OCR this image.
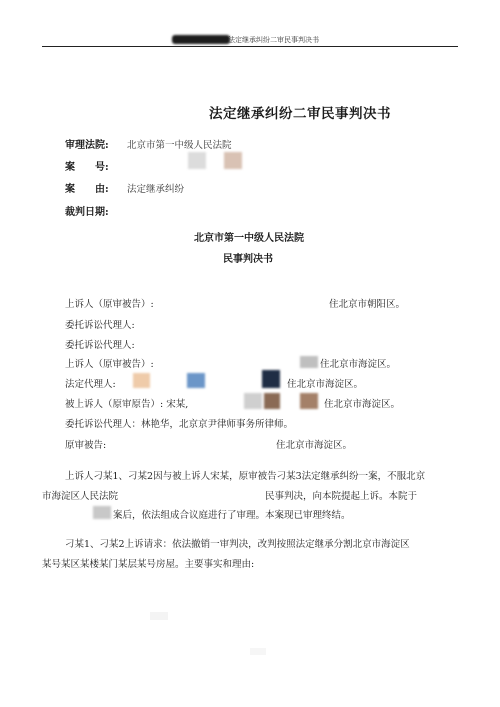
法定继承纠纷二审民事判决书
法定继承纠纷二审民事判决书
审理法院: 北京市第一中级人民法院
案　　号:
案　　由: 法定继承纠纷
裁判日期:
北京市第一中级人民法院
民事判决书
上诉人（原审被告）:	住北京市朝阳区。
委托诉讼代理人:
委托诉讼代理人:
上诉人（原审被告）:	住北京市海淀区。
法定代理人:	住北京市海淀区。
被上诉人（原审原告）: 宋某,	住北京市海淀区。
委托诉讼代理人：林艳华，北京京尹律师事务所律师。
原审被告:	住北京市海淀区。
上诉人刁某1、刁某2因与被上诉人宋某，原审被告刁某3法定继承纠纷一案，不服北京
市海淀区人民法院	民事判决，向本院提起上诉。本院于
案后，依法组成合议庭进行了审理。本案现已审理终结。
刁某1、刁某2上诉请求：依法撤销一审判决，改判按照法定继承分割北京市海淀区
某号某区某楼某门某层某号房屋。主要事实和理由:
